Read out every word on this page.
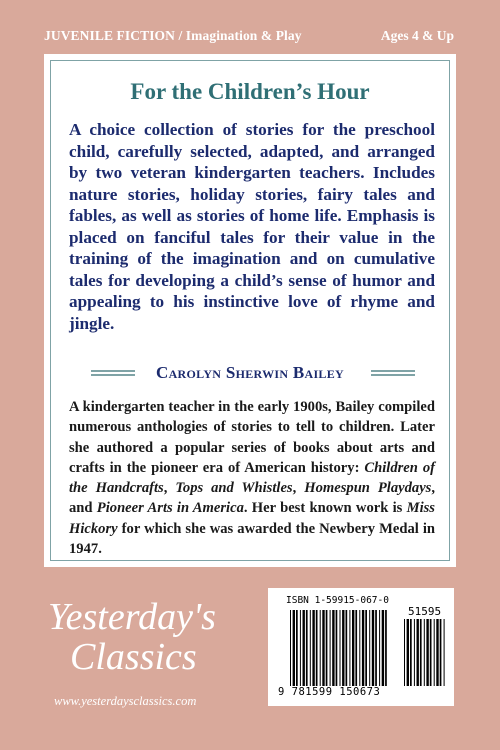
JUVENILE FICTION / Imagination & Play	Ages 4 & Up
For the Children’s Hour

A choice collection of stories for the preschool child, carefully selected, adapted, and arranged by two veteran kindergarten teachers. Includes nature stories, holiday stories, fairy tales and fables, as well as stories of home life. Emphasis is placed on fanciful tales for their value in the training of the imagination and on cumulative tales for developing a child’s sense of humor and appealing to his instinctive love of rhyme and jingle.

Carolyn Sherwin Bailey

A kindergarten teacher in the early 1900s, Bailey compiled numerous anthologies of stories to tell to children. Later she authored a popular series of books about arts and crafts in the pioneer era of American history: Children of the Handcrafts, Tops and Whistles, Homespun Playdays, and Pioneer Arts in America. Her best known work is Miss Hickory for which she was awarded the Newbery Medal in 1947.

Yesterday's
Classics
www.yesterdaysclassics.com
ISBN 1-59915-067-0
51595
9 781599 150673
